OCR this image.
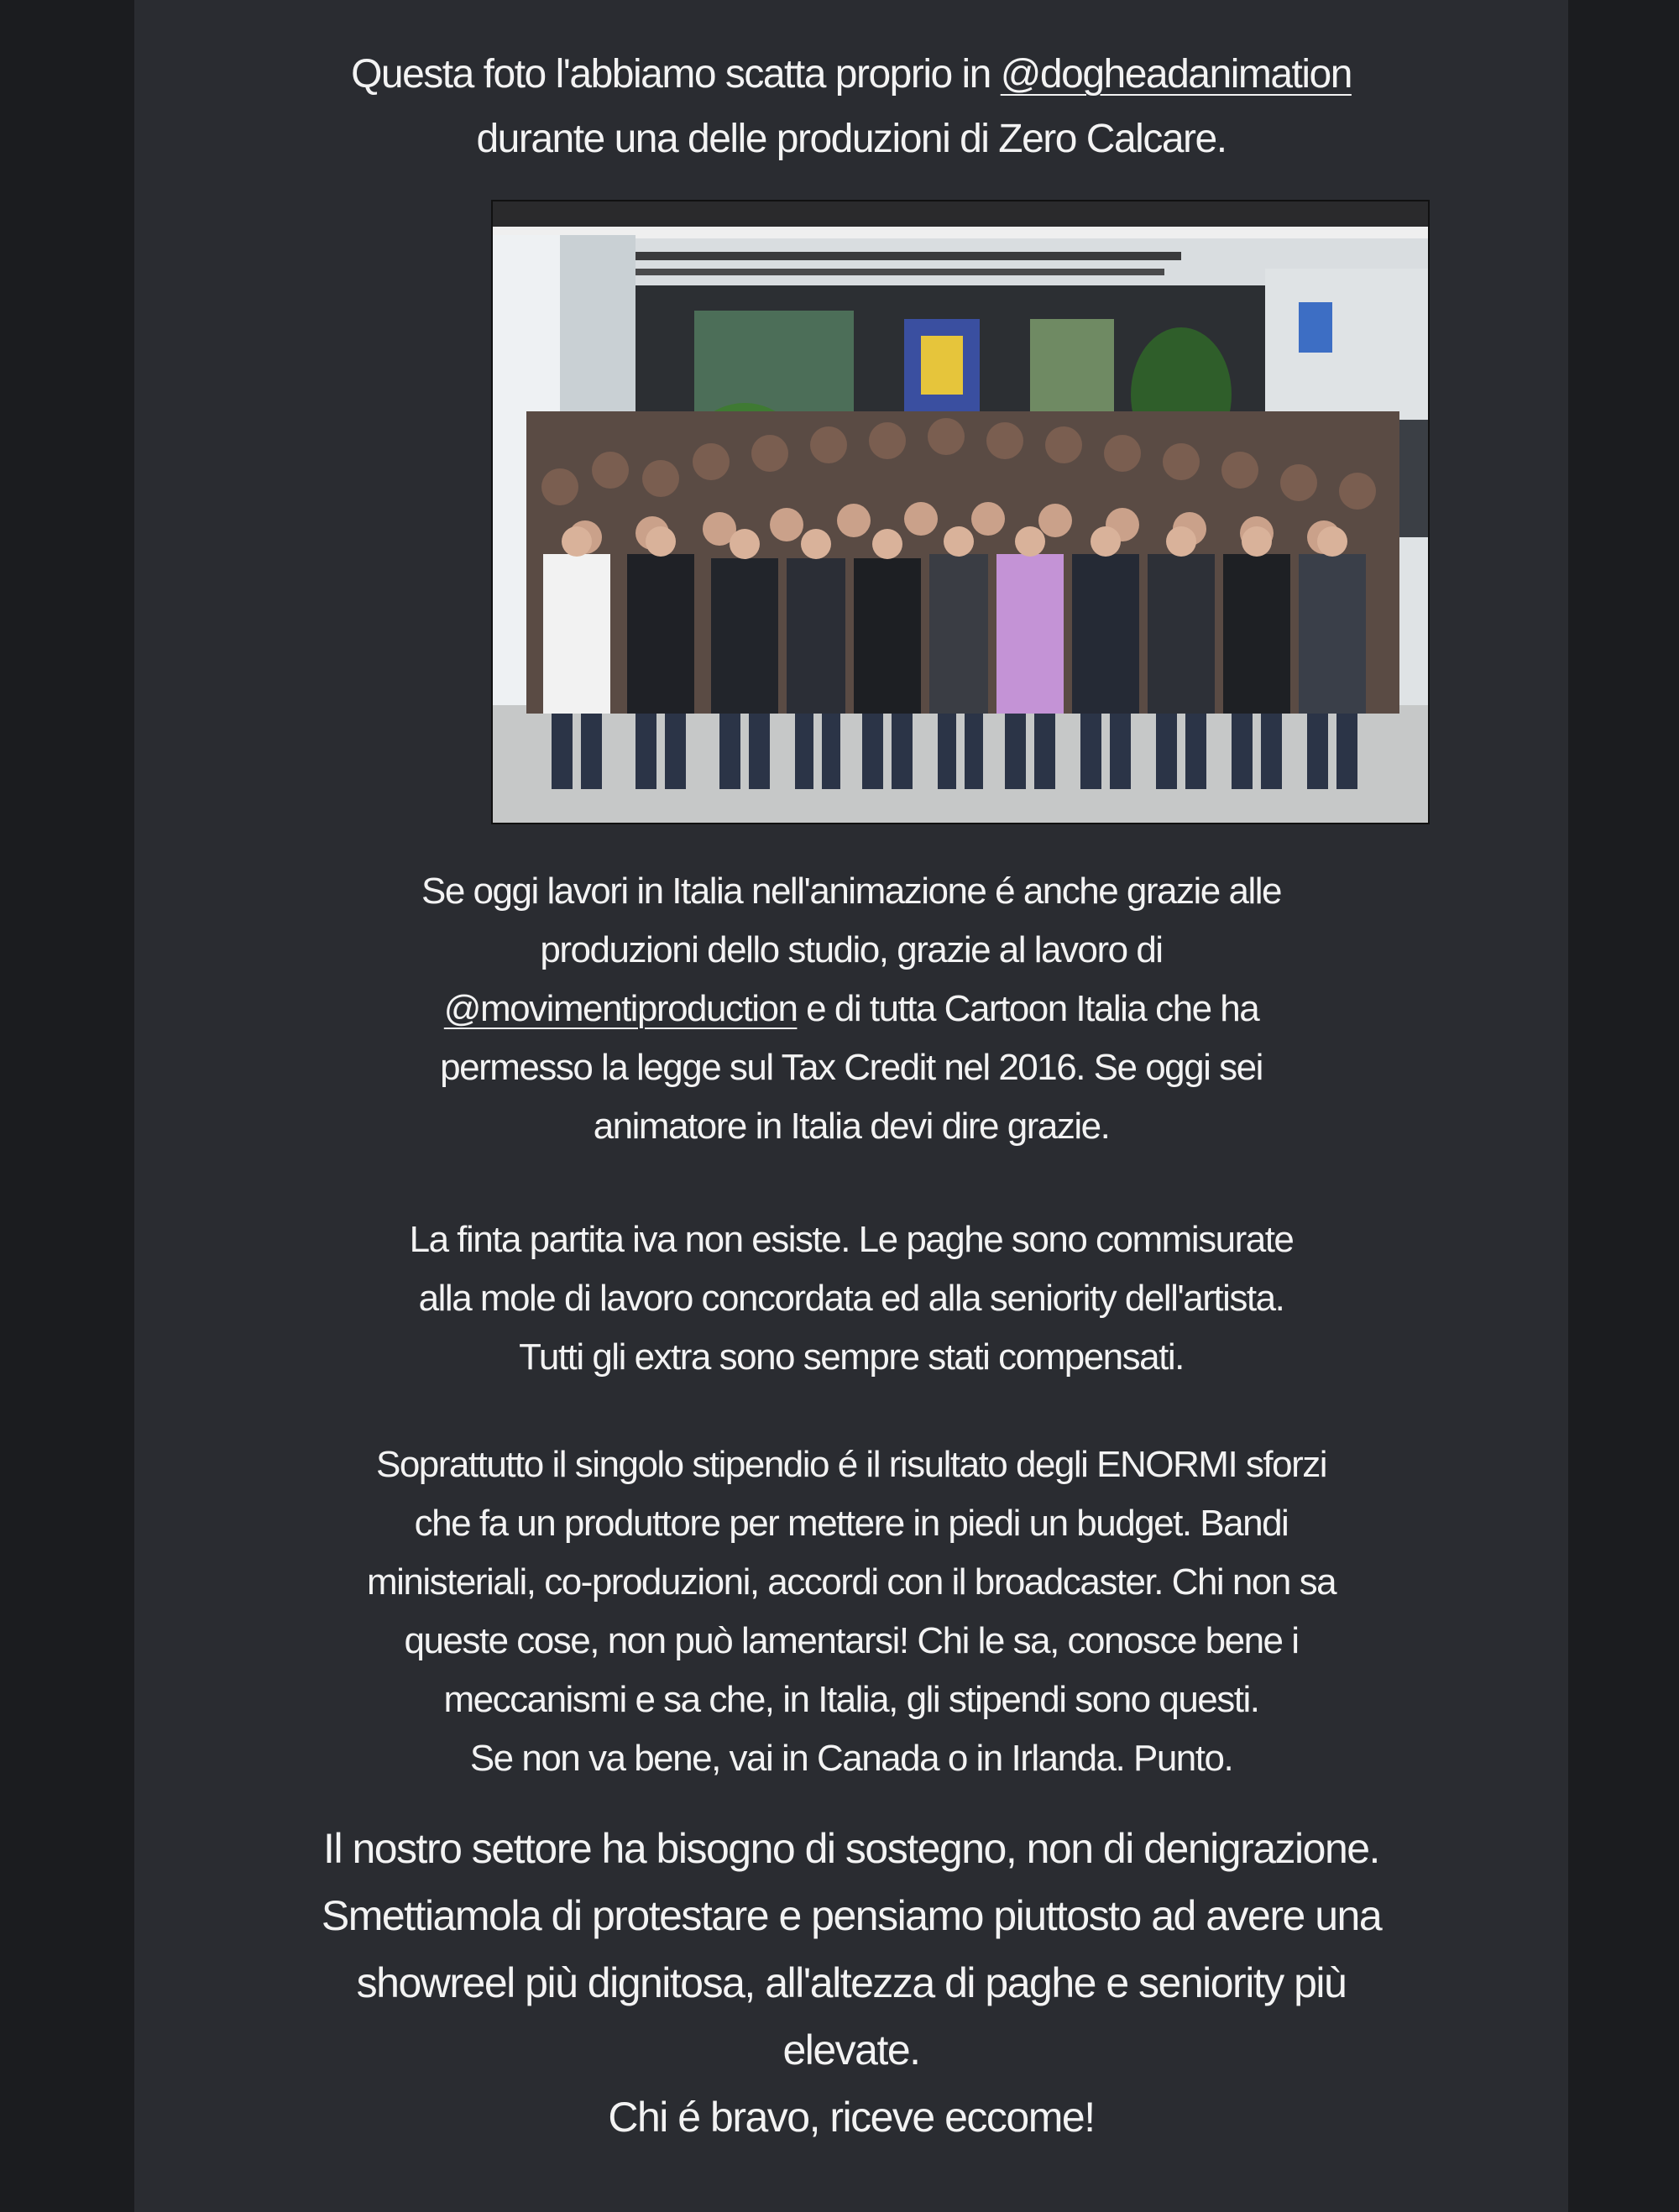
Questa foto l'abbiamo scatta proprio in @dogheadanimation
durante una delle produzioni di Zero Calcare.
Se oggi lavori in Italia nell'animazione é anche grazie alle
produzioni dello studio, grazie al lavoro di
@movimentiproduction e di tutta Cartoon Italia che ha
permesso la legge sul Tax Credit nel 2016. Se oggi sei
animatore in Italia devi dire grazie.
La finta partita iva non esiste. Le paghe sono commisurate
alla mole di lavoro concordata ed alla seniority dell'artista.
Tutti gli extra sono sempre stati compensati.
Soprattutto il singolo stipendio é il risultato degli ENORMI sforzi
che fa un produttore per mettere in piedi un budget. Bandi
ministeriali, co-produzioni, accordi con il broadcaster. Chi non sa
queste cose, non può lamentarsi! Chi le sa, conosce bene i
meccanismi e sa che, in Italia, gli stipendi sono questi.
Se non va bene, vai in Canada o in Irlanda. Punto.
Il nostro settore ha bisogno di sostegno, non di denigrazione.
Smettiamola di protestare e pensiamo piuttosto ad avere una
showreel più dignitosa, all'altezza di paghe e seniority più
elevate.
Chi é bravo, riceve eccome!
